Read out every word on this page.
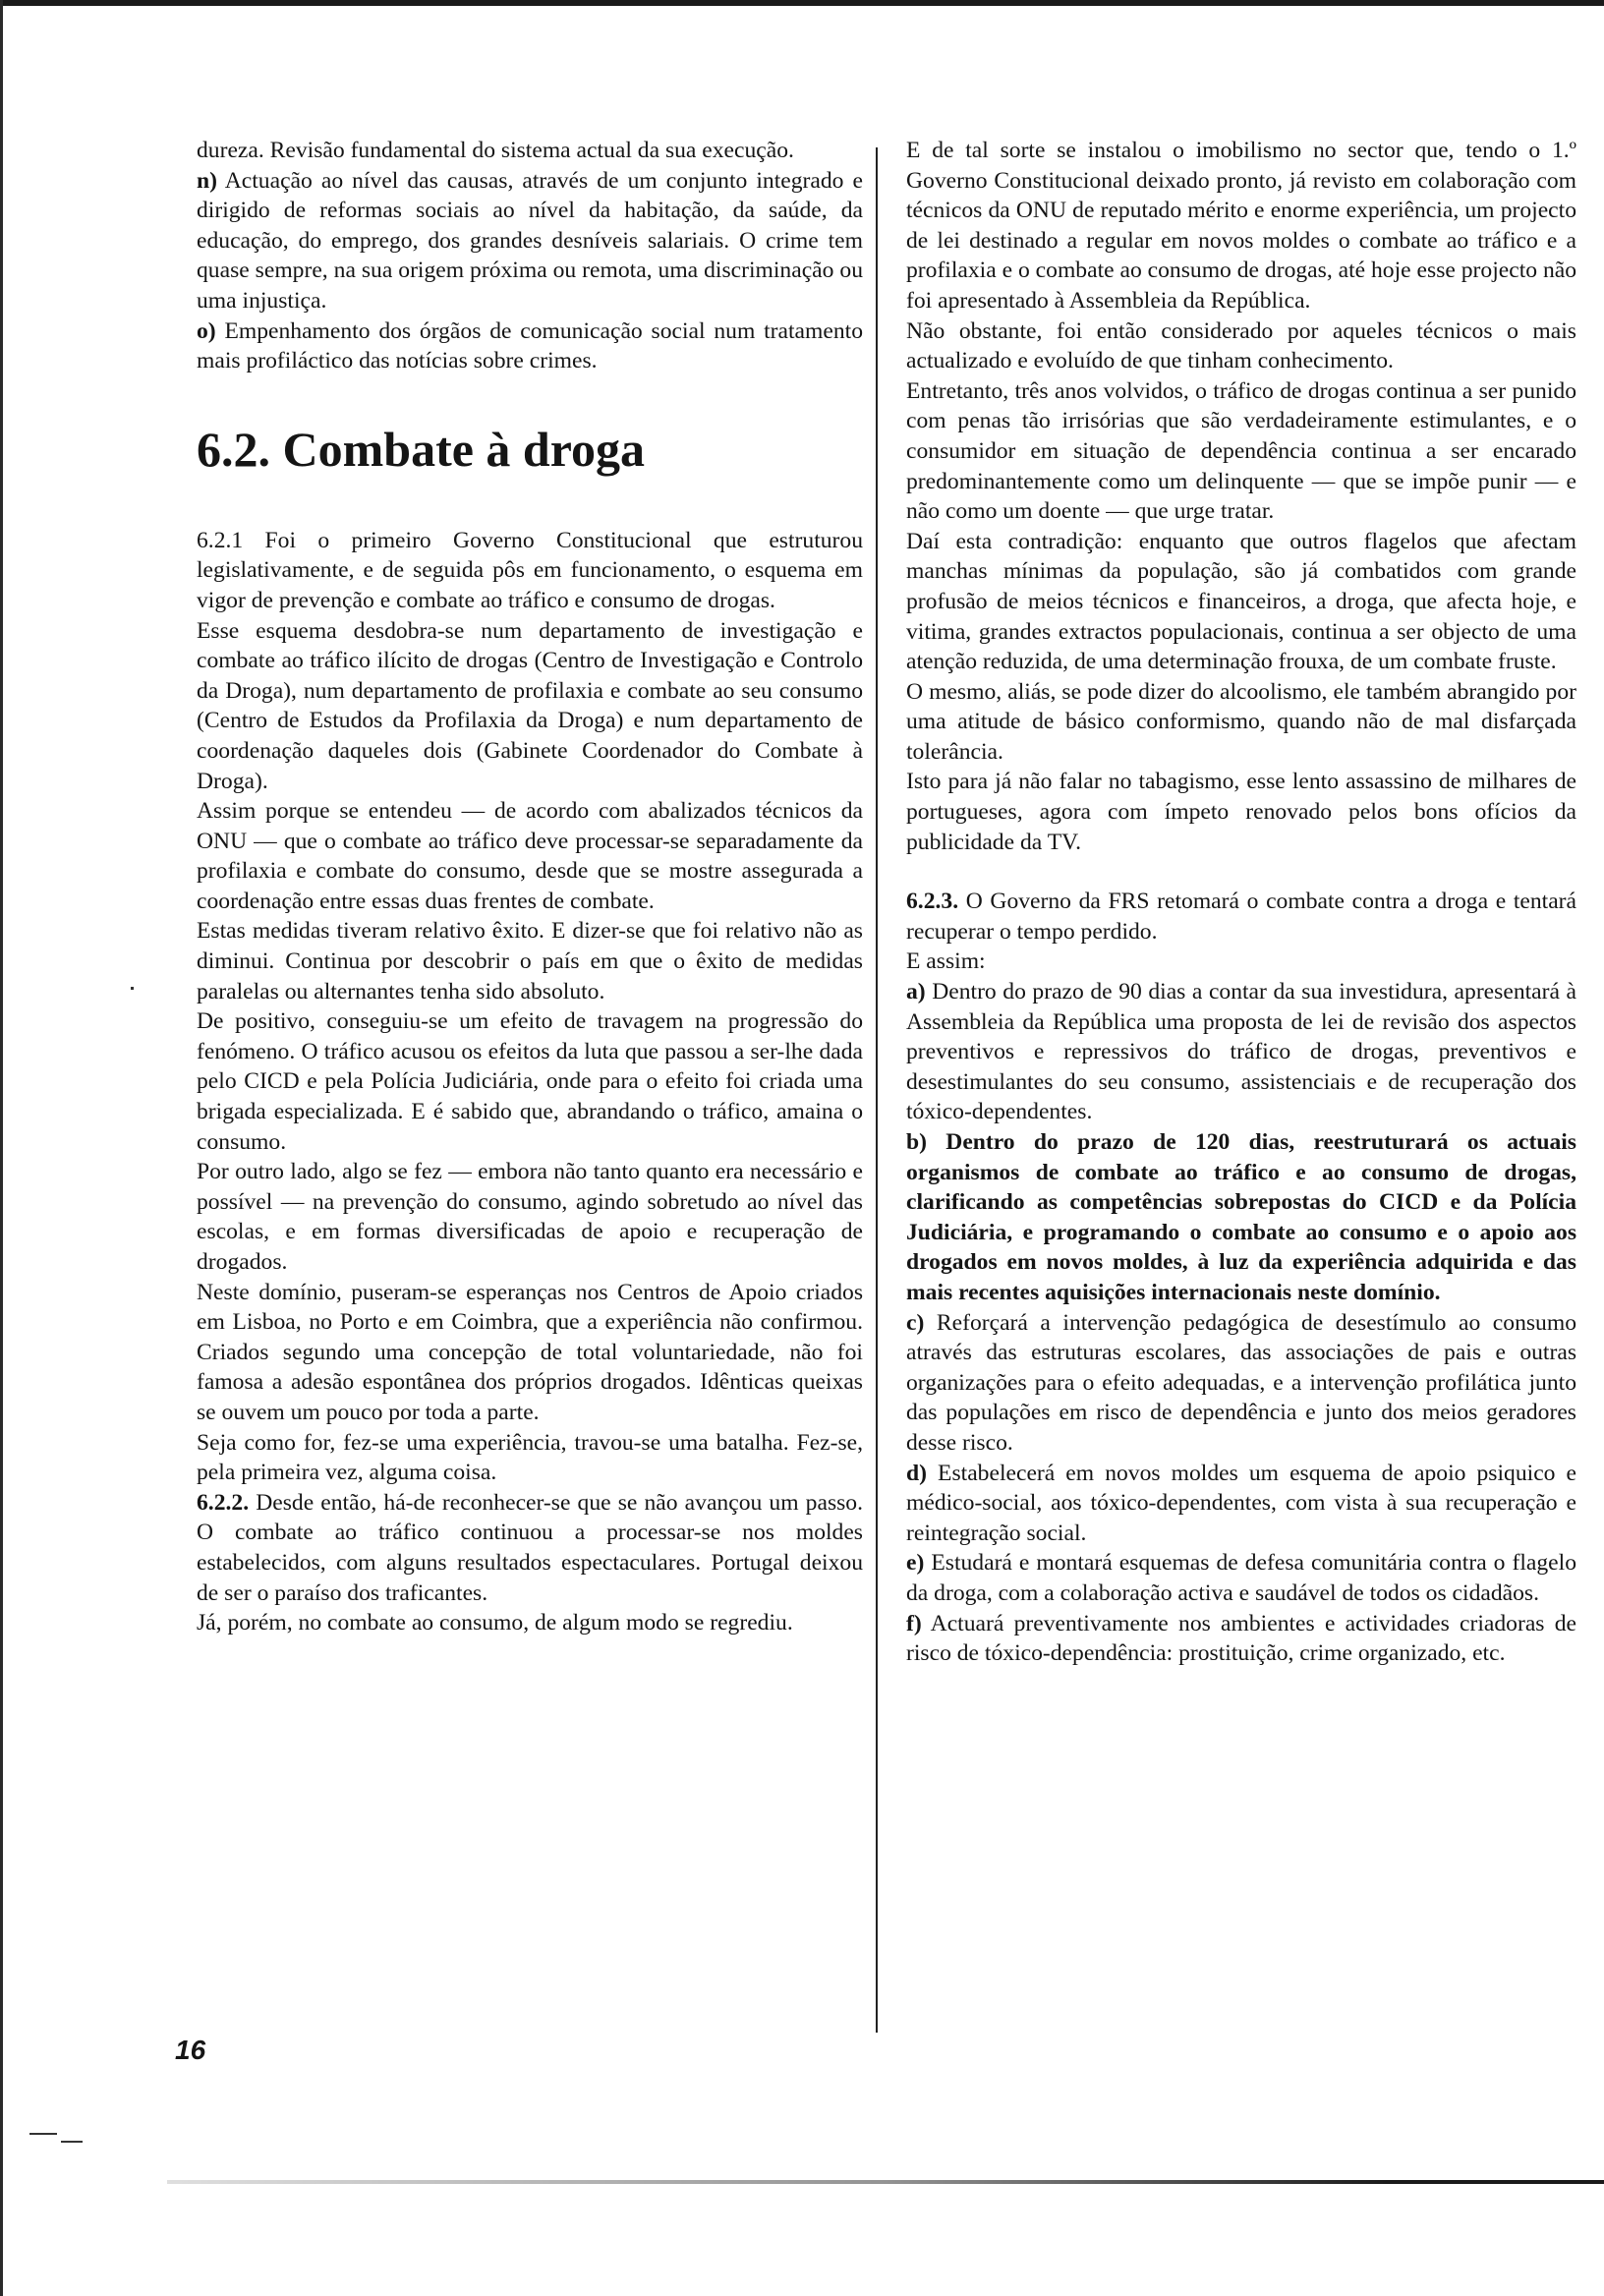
dureza. Revisão fundamental do sistema actual da sua execução.

n) Actuação ao nível das causas, através de um conjunto integrado e dirigido de reformas sociais ao nível da habitação, da saúde, da educação, do emprego, dos grandes desníveis salariais. O crime tem quase sempre, na sua origem próxima ou remota, uma discriminação ou uma injustiça.

o) Empenhamento dos órgãos de comunicação social num tratamento mais profiláctico das notícias sobre crimes.

6.2. Combate à droga

6.2.1 Foi o primeiro Governo Constitucional que estruturou legislativamente, e de seguida pôs em funcionamento, o esquema em vigor de prevenção e combate ao tráfico e consumo de drogas.

Esse esquema desdobra-se num departamento de investigação e combate ao tráfico ilícito de drogas (Centro de Investigação e Controlo da Droga), num departamento de profilaxia e combate ao seu consumo (Centro de Estudos da Profilaxia da Droga) e num departamento de coordenação daqueles dois (Gabinete Coordenador do Combate à Droga).

Assim porque se entendeu — de acordo com abalizados técnicos da ONU — que o combate ao tráfico deve processar-se separadamente da profilaxia e combate do consumo, desde que se mostre assegurada a coordenação entre essas duas frentes de combate.

Estas medidas tiveram relativo êxito. E dizer-se que foi relativo não as diminui. Continua por descobrir o país em que o êxito de medidas paralelas ou alternantes tenha sido absoluto.

De positivo, conseguiu-se um efeito de travagem na progressão do fenómeno. O tráfico acusou os efeitos da luta que passou a ser-lhe dada pelo CICD e pela Polícia Judiciária, onde para o efeito foi criada uma brigada especializada. E é sabido que, abrandando o tráfico, amaina o consumo.

Por outro lado, algo se fez — embora não tanto quanto era necessário e possível — na prevenção do consumo, agindo sobretudo ao nível das escolas, e em formas diversificadas de apoio e recuperação de drogados.

Neste domínio, puseram-se esperanças nos Centros de Apoio criados em Lisboa, no Porto e em Coimbra, que a experiência não confirmou. Criados segundo uma concepção de total voluntariedade, não foi famosa a adesão espontânea dos próprios drogados. Idênticas queixas se ouvem um pouco por toda a parte.

Seja como for, fez-se uma experiência, travou-se uma batalha. Fez-se, pela primeira vez, alguma coisa.

6.2.2. Desde então, há-de reconhecer-se que se não avançou um passo. O combate ao tráfico continuou a processar-se nos moldes estabelecidos, com alguns resultados espectaculares. Portugal deixou de ser o paraíso dos traficantes.

Já, porém, no combate ao consumo, de algum modo se regrediu.

E de tal sorte se instalou o imobilismo no sector que, tendo o 1.º Governo Constitucional deixado pronto, já revisto em colaboração com técnicos da ONU de reputado mérito e enorme experiência, um projecto de lei destinado a regular em novos moldes o combate ao tráfico e a profilaxia e o combate ao consumo de drogas, até hoje esse projecto não foi apresentado à Assembleia da República.

Não obstante, foi então considerado por aqueles técnicos o mais actualizado e evoluído de que tinham conhecimento.

Entretanto, três anos volvidos, o tráfico de drogas continua a ser punido com penas tão irrisórias que são verdadeiramente estimulantes, e o consumidor em situação de dependência continua a ser encarado predominantemente como um delinquente — que se impõe punir — e não como um doente — que urge tratar.

Daí esta contradição: enquanto que outros flagelos que afectam manchas mínimas da população, são já combatidos com grande profusão de meios técnicos e financeiros, a droga, que afecta hoje, e vitima, grandes extractos populacionais, continua a ser objecto de uma atenção reduzida, de uma determinação frouxa, de um combate fruste.

O mesmo, aliás, se pode dizer do alcoolismo, ele também abrangido por uma atitude de básico conformismo, quando não de mal disfarçada tolerância.

Isto para já não falar no tabagismo, esse lento assassino de milhares de portugueses, agora com ímpeto renovado pelos bons ofícios da publicidade da TV.

6.2.3. O Governo da FRS retomará o combate contra a droga e tentará recuperar o tempo perdido.

E assim:

a) Dentro do prazo de 90 dias a contar da sua investidura, apresentará à Assembleia da República uma proposta de lei de revisão dos aspectos preventivos e repressivos do tráfico de drogas, preventivos e desestimulantes do seu consumo, assistenciais e de recuperação dos tóxico-dependentes.

b) Dentro do prazo de 120 dias, reestruturará os actuais organismos de combate ao tráfico e ao consumo de drogas, clarificando as competências sobrepostas do CICD e da Polícia Judiciária, e programando o combate ao consumo e o apoio aos drogados em novos moldes, à luz da experiência adquirida e das mais recentes aquisições internacionais neste domínio.

c) Reforçará a intervenção pedagógica de desestímulo ao consumo através das estruturas escolares, das associações de pais e outras organizações para o efeito adequadas, e a intervenção profilática junto das populações em risco de dependência e junto dos meios geradores desse risco.

d) Estabelecerá em novos moldes um esquema de apoio psiquico e médico-social, aos tóxico-dependentes, com vista à sua recuperação e reintegração social.

e) Estudará e montará esquemas de defesa comunitária contra o flagelo da droga, com a colaboração activa e saudável de todos os cidadãos.

f) Actuará preventivamente nos ambientes e actividades criadoras de risco de tóxico-dependência: prostituição, crime organizado, etc.

16
